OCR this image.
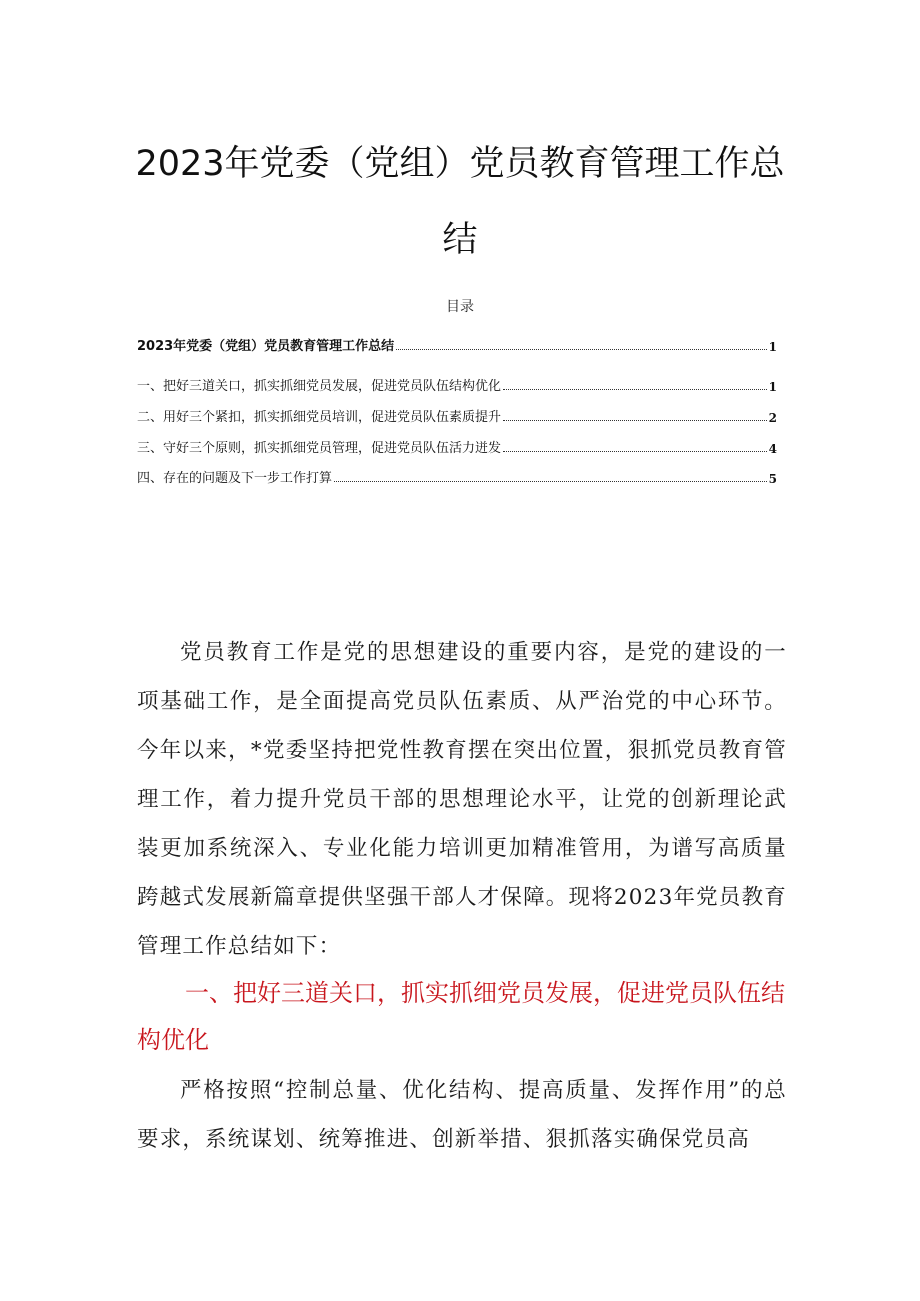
2023年党委（党组）党员教育管理工作总
结
目录
2023年党委（党组）党员教育管理工作总结	1
一、把好三道关口，抓实抓细党员发展，促进党员队伍结构优化	1
二、用好三个紧扣，抓实抓细党员培训，促进党员队伍素质提升	2
三、守好三个原则，抓实抓细党员管理，促进党员队伍活力迸发	4
四、存在的问题及下一步工作打算	5

党员教育工作是党的思想建设的重要内容，是党的建设的一项基础工作，是全面提高党员队伍素质、从严治党的中心环节。今年以来，*党委坚持把党性教育摆在突出位置，狠抓党员教育管理工作，着力提升党员干部的思想理论水平，让党的创新理论武装更加系统深入、专业化能力培训更加精准管用，为谱写高质量跨越式发展新篇章提供坚强干部人才保障。现将2023年党员教育管理工作总结如下：

一、把好三道关口，抓实抓细党员发展，促进党员队伍结构优化

严格按照“控制总量、优化结构、提高质量、发挥作用”的总要求，系统谋划、统筹推进、创新举措、狠抓落实确保党员高
